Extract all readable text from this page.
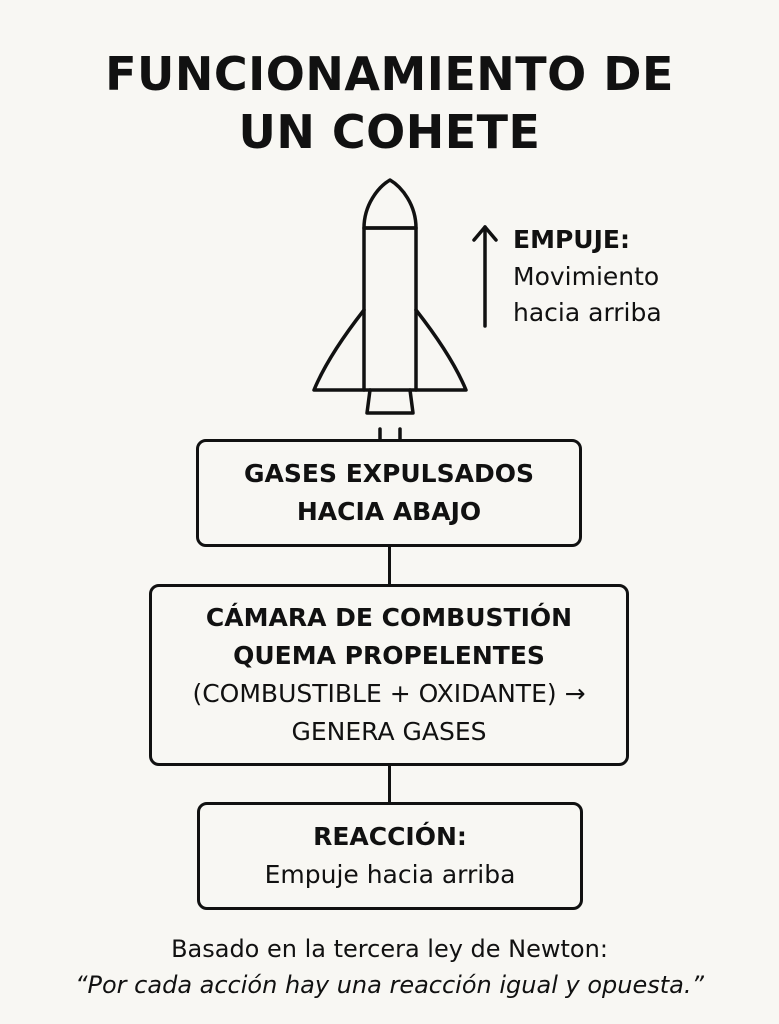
FUNCIONAMIENTO DE
UN COHETE
EMPUJE:
Movimiento
hacia arriba
GASES EXPULSADOS
HACIA ABAJO
CÁMARA DE COMBUSTIÓN
QUEMA PROPELENTES
(COMBUSTIBLE + OXIDANTE) →
GENERA GASES
REACCIÓN:
Empuje hacia arriba
Basado en la tercera ley de Newton:
“Por cada acción hay una reacción igual y opuesta.”
